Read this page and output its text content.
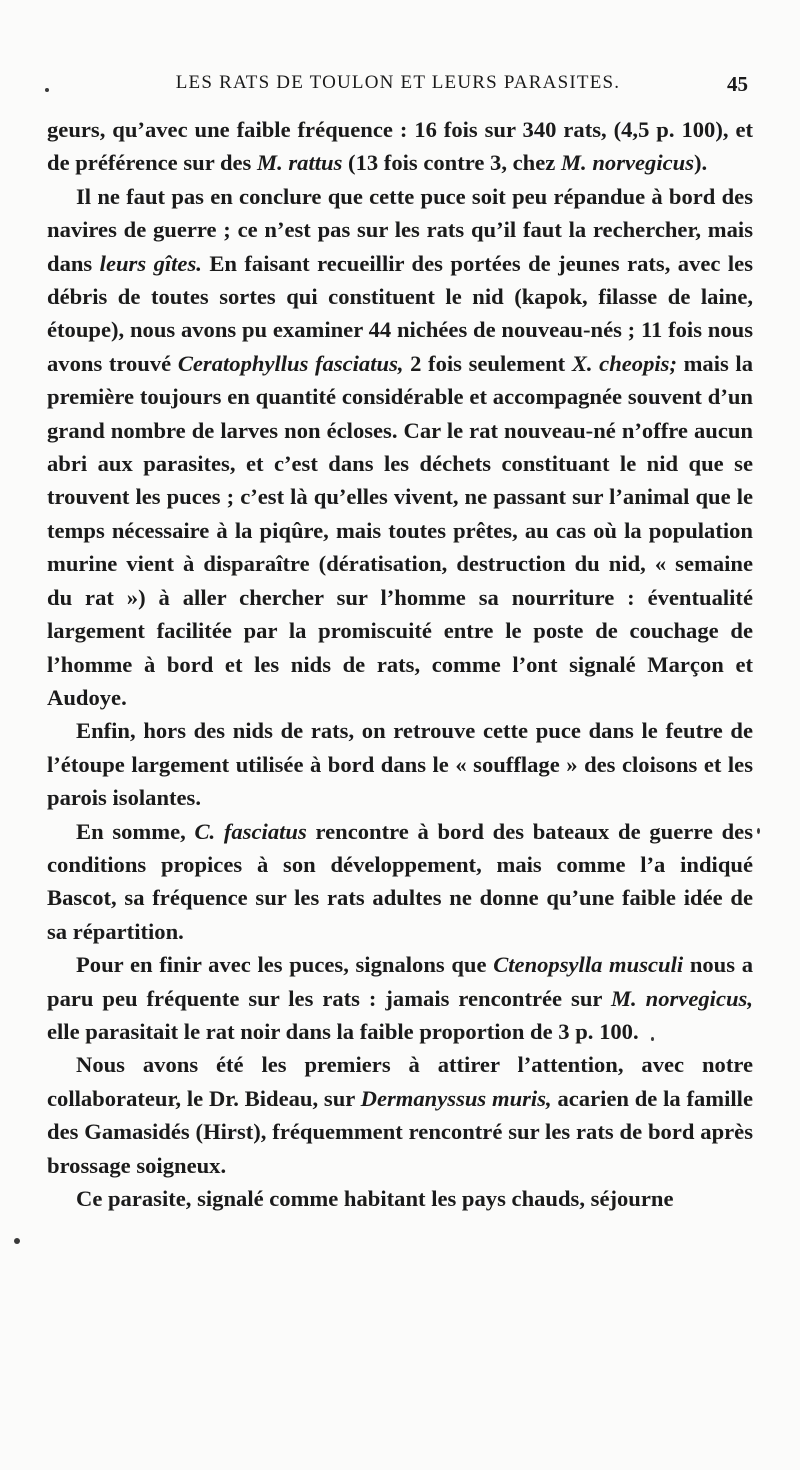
LES RATS DE TOULON ET LEURS PARASITES.	45

geurs, qu’avec une faible fréquence : 16 fois sur 340 rats, (4,5 p. 100), et de préférence sur des M. rattus (13 fois contre 3, chez M. norvegicus).

Il ne faut pas en conclure que cette puce soit peu répandue à bord des navires de guerre ; ce n’est pas sur les rats qu’il faut la rechercher, mais dans leurs gîtes. En faisant recueillir des portées de jeunes rats, avec les débris de toutes sortes qui constituent le nid (kapok, filasse de laine, étoupe), nous avons pu examiner 44 nichées de nouveau-nés ; 11 fois nous avons trouvé Ceratophyllus fasciatus, 2 fois seulement X. cheopis; mais la première toujours en quantité considérable et accompagnée souvent d’un grand nombre de larves non écloses. Car le rat nouveau-né n’offre aucun abri aux parasites, et c’est dans les déchets constituant le nid que se trouvent les puces ; c’est là qu’elles vivent, ne passant sur l’animal que le temps nécessaire à la piqûre, mais toutes prêtes, au cas où la population murine vient à disparaître (dératisation, destruction du nid, « semaine du rat ») à aller chercher sur l’homme sa nourriture : éventualité largement facilitée par la promiscuité entre le poste de couchage de l’homme à bord et les nids de rats, comme l’ont signalé Marçon et Audoye.

Enfin, hors des nids de rats, on retrouve cette puce dans le feutre de l’étoupe largement utilisée à bord dans le « soufflage » des cloisons et les parois isolantes.

En somme, C. fasciatus rencontre à bord des bateaux de guerre des conditions propices à son développement, mais comme l’a indiqué Bascot, sa fréquence sur les rats adultes ne donne qu’une faible idée de sa répartition.

Pour en finir avec les puces, signalons que Ctenopsylla musculi nous a paru peu fréquente sur les rats : jamais rencontrée sur M. norvegicus, elle parasitait le rat noir dans la faible proportion de 3 p. 100.

Nous avons été les premiers à attirer l’attention, avec notre collaborateur, le Dr. Bideau, sur Dermanyssus muris, acarien de la famille des Gamasidés (Hirst), fréquemment rencontré sur les rats de bord après brossage soigneux.

Ce parasite, signalé comme habitant les pays chauds, séjourne
